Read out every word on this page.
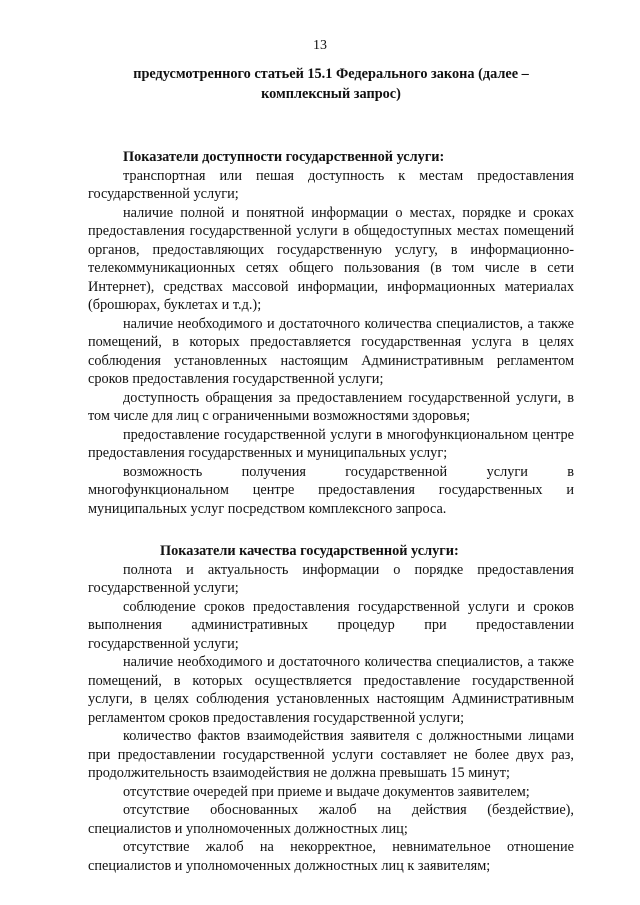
13

предусмотренного статьей 15.1 Федерального закона (далее – комплексный запрос)

Показатели доступности государственной услуги:

транспортная или пешая доступность к местам предоставления государственной услуги;

наличие полной и понятной информации о местах, порядке и сроках предоставления государственной услуги в общедоступных местах помещений органов, предоставляющих государственную услугу, в информационно-телекоммуникационных сетях общего пользования (в том числе в сети Интернет), средствах массовой информации, информационных материалах (брошюрах, буклетах и т.д.);

наличие необходимого и достаточного количества специалистов, а также помещений, в которых предоставляется государственная услуга в целях соблюдения установленных настоящим Административным регламентом сроков предоставления государственной услуги;

доступность обращения за предоставлением государственной услуги, в том числе для лиц с ограниченными возможностями здоровья;

предоставление государственной услуги в многофункциональном центре предоставления государственных и муниципальных услуг;

возможность получения государственной услуги в многофункциональном центре предоставления государственных и муниципальных услуг посредством комплексного запроса.

Показатели качества государственной услуги:

полнота и актуальность информации о порядке предоставления государственной услуги;

соблюдение сроков предоставления государственной услуги и сроков выполнения административных процедур при предоставлении государственной услуги;

наличие необходимого и достаточного количества специалистов, а также помещений, в которых осуществляется предоставление государственной услуги, в целях соблюдения установленных настоящим Административным регламентом сроков предоставления государственной услуги;

количество фактов взаимодействия заявителя с должностными лицами при предоставлении государственной услуги составляет не более двух раз, продолжительность взаимодействия не должна превышать 15 минут;

отсутствие очередей при приеме и выдаче документов заявителем;

отсутствие обоснованных жалоб на действия (бездействие), специалистов и уполномоченных должностных лиц;

отсутствие жалоб на некорректное, невнимательное отношение специалистов и уполномоченных должностных лиц к заявителям;
